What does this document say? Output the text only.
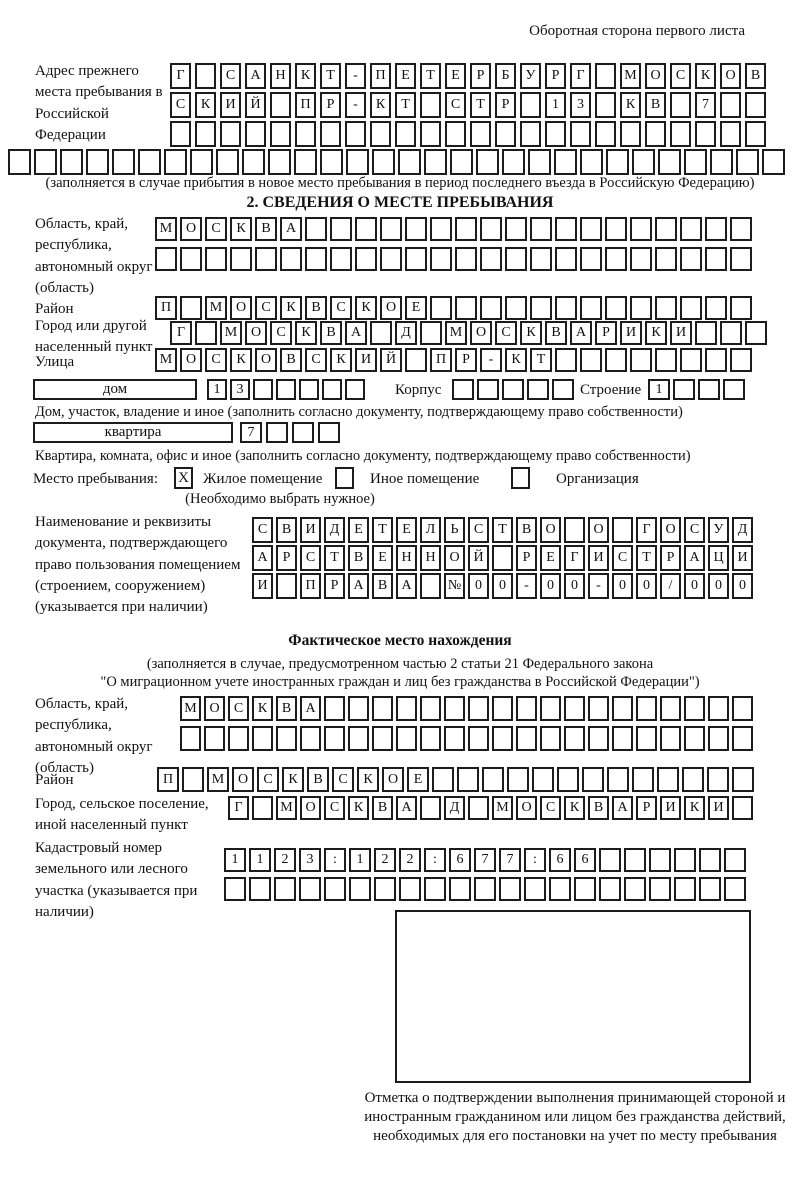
Оборотная сторона первого листа
Адрес прежнего места пребывания в Российской Федерации
Г	С	А	Н	К	Т	-	П	Е	Т	Е	Р	Б	У	Р	Г	М О	С	К	О	В
С	К	И	Й	П	Р	-	К	Т	С	Т	Р	1	3	К	В	7
(заполняется в случае прибытия в новое место пребывания в период последнего въезда в Российскую Федерацию)
2. СВЕДЕНИЯ О МЕСТЕ ПРЕБЫВАНИЯ
Область, край, республика, автономный округ (область)
М О	С	К	В	А
Район	П	М О	С	К	В	С	К	О	Е
Город или другой населенный пункт
Г	М О	С	К	В	А	Д	М О	С	К	В	А	Р	И	К	И
Улица	М О	С	К	О	В	С	К	И	Й	П	Р	-	К	Т
дом	1	3	Корпус	Строение	1
Дом, участок, владение и иное (заполнить согласно документу, подтверждающему право собственности)
квартира	7
Квартира, комната, офис и иное (заполнить согласно документу, подтверждающему право собственности)
Место пребывания: X Жилое помещение	Иное помещение	Организация
(Необходимо выбрать нужное)
Наименование и реквизиты документа, подтверждающего право пользования помещением (строением, сооружением) (указывается при наличии)
С	В	И	Д	Е	Т	Е	Л	Ь	С	Т	В	О	О	Г	О	С	У	Д
А	Р	С	Т	В	Е	Н Н О Й	Р	Е	Г	И	С	Т	Р	А Ц И
И	П	Р	А	В	А	№ 0	0	-	0	0	-	0	0	/	0	0	0
Фактическое место нахождения
(заполняется в случае, предусмотренном частью 2 статьи 21 Федерального закона
"О миграционном учете иностранных граждан и лиц без гражданства в Российской Федерации")
Область, край, республика, автономный округ (область)
М О	С	К	В	А
Район	П	М О	С	К	В	С	К	О	Е
Город, сельское поселение, иной населенный пункт
Г	М О	С	К	В	А	Д	М О	С	К	В	А	Р	И	К	И
Кадастровый номер земельного или лесного участка (указывается при наличии)
1	1	2	3	:	1	2	2	:	6	7	7	:	6	6
Отметка о подтверждении выполнения принимающей стороной и иностранным гражданином или лицом без гражданства действий, необходимых для его постановки на учет по месту пребывания
